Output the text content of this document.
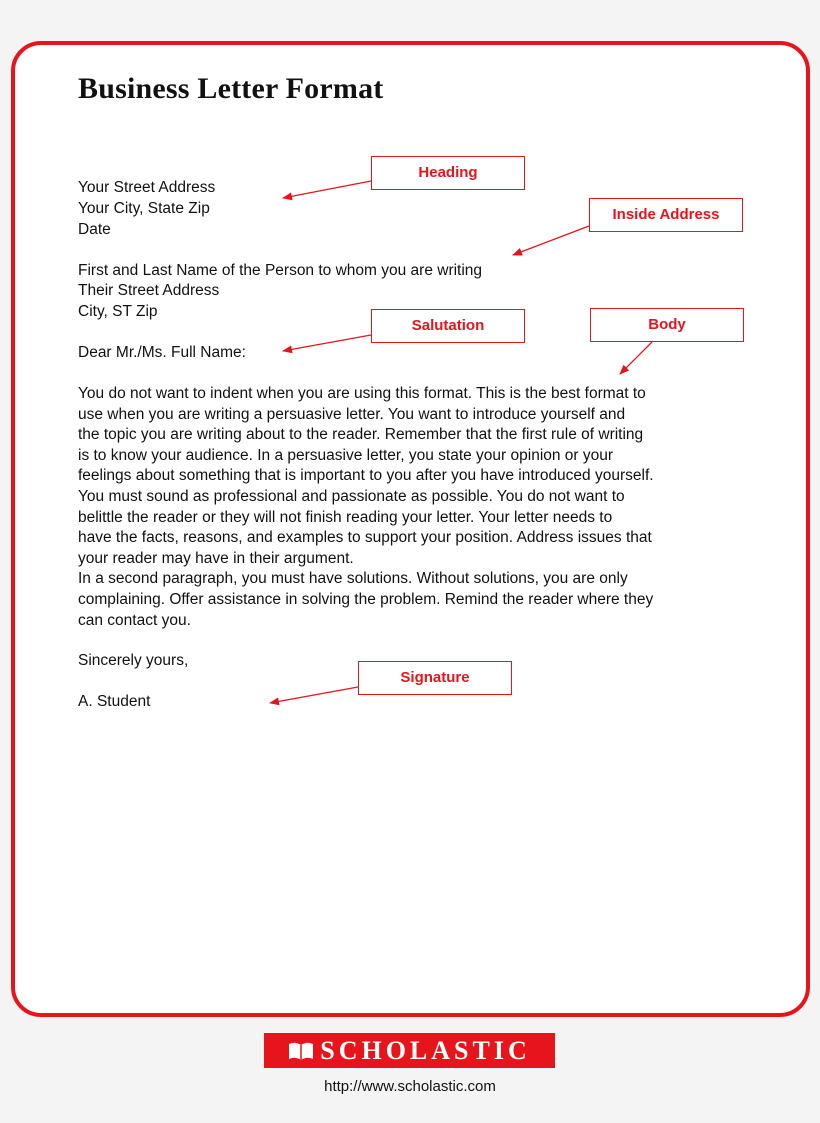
Business Letter Format
Your Street Address
Your City, State Zip
Date
First and Last Name of the Person to whom you are writing
Their Street Address
City, ST Zip
Dear Mr./Ms. Full Name:
You do not want to indent when you are using this format. This is the best format to
use when you are writing a persuasive letter. You want to introduce yourself and
the topic you are writing about to the reader. Remember that the first rule of writing
is to know your audience. In a persuasive letter, you state your opinion or your
feelings about something that is important to you after you have introduced yourself.
You must sound as professional and passionate as possible. You do not want to
belittle the reader or they will not finish reading your letter. Your letter needs to
have the facts, reasons, and examples to support your position. Address issues that
your reader may have in their argument.
In a second paragraph, you must have solutions. Without solutions, you are only
complaining. Offer assistance in solving the problem. Remind the reader where they
can contact you.
Sincerely yours,
A. Student
Heading
Inside Address
Salutation	Body
Signature
SCHOLASTIC
http://www.scholastic.com
